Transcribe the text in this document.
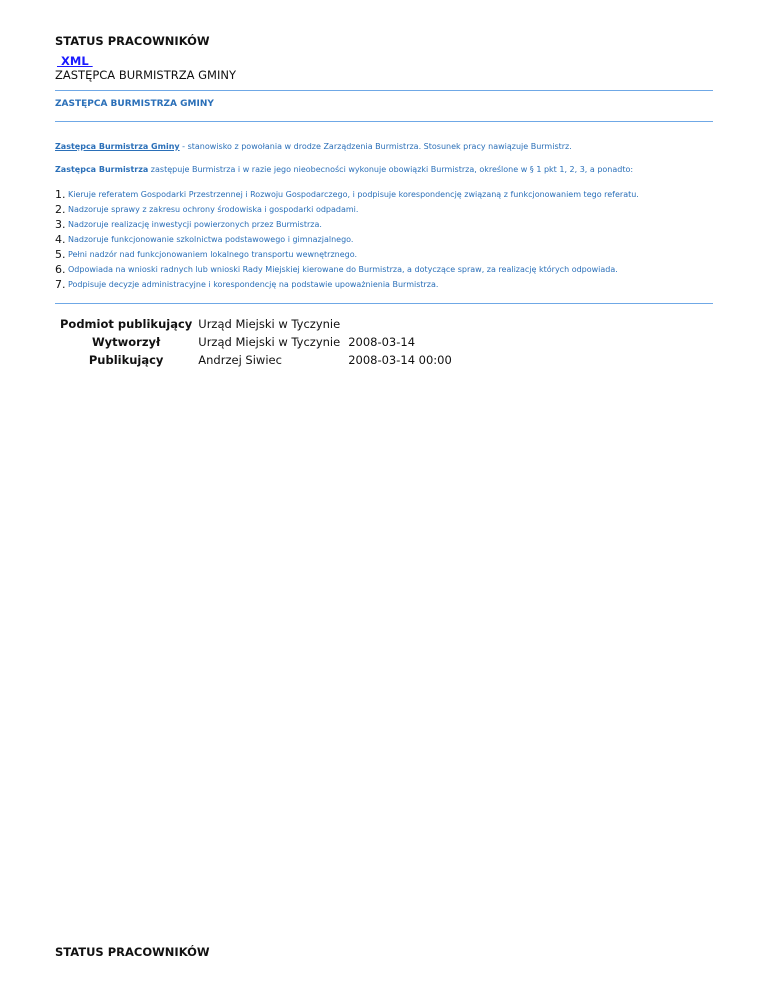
STATUS PRACOWNIKÓW
XML
ZASTĘPCA BURMISTRZA GMINY
ZASTĘPCA BURMISTRZA GMINY
Zastępca Burmistrza Gminy - stanowisko z powołania w drodze Zarządzenia Burmistrza. Stosunek pracy nawiązuje Burmistrz.
Zastępca Burmistrza zastępuje Burmistrza i w razie jego nieobecności wykonuje obowiązki Burmistrza, określone w § 1 pkt 1, 2, 3, a ponadto:
1. Kieruje referatem Gospodarki Przestrzennej i Rozwoju Gospodarczego, i podpisuje korespondencję związaną z funkcjonowaniem tego referatu.
2. Nadzoruje sprawy z zakresu ochrony środowiska i gospodarki odpadami.
3. Nadzoruje realizację inwestycji powierzonych przez Burmistrza.
4. Nadzoruje funkcjonowanie szkolnictwa podstawowego i gimnazjalnego.
5. Pełni nadzór nad funkcjonowaniem lokalnego transportu wewnętrznego.
6. Odpowiada na wnioski radnych lub wnioski Rady Miejskiej kierowane do Burmistrza, a dotyczące spraw, za realizację których odpowiada.
7. Podpisuje decyzje administracyjne i korespondencję na podstawie upoważnienia Burmistrza.
Podmiot publikujący	Urząd Miejski w Tyczynie	
Wytworzył	Urząd Miejski w Tyczynie	2008-03-14
Publikujący	Andrzej Siwiec	2008-03-14 00:00
STATUS PRACOWNIKÓW
